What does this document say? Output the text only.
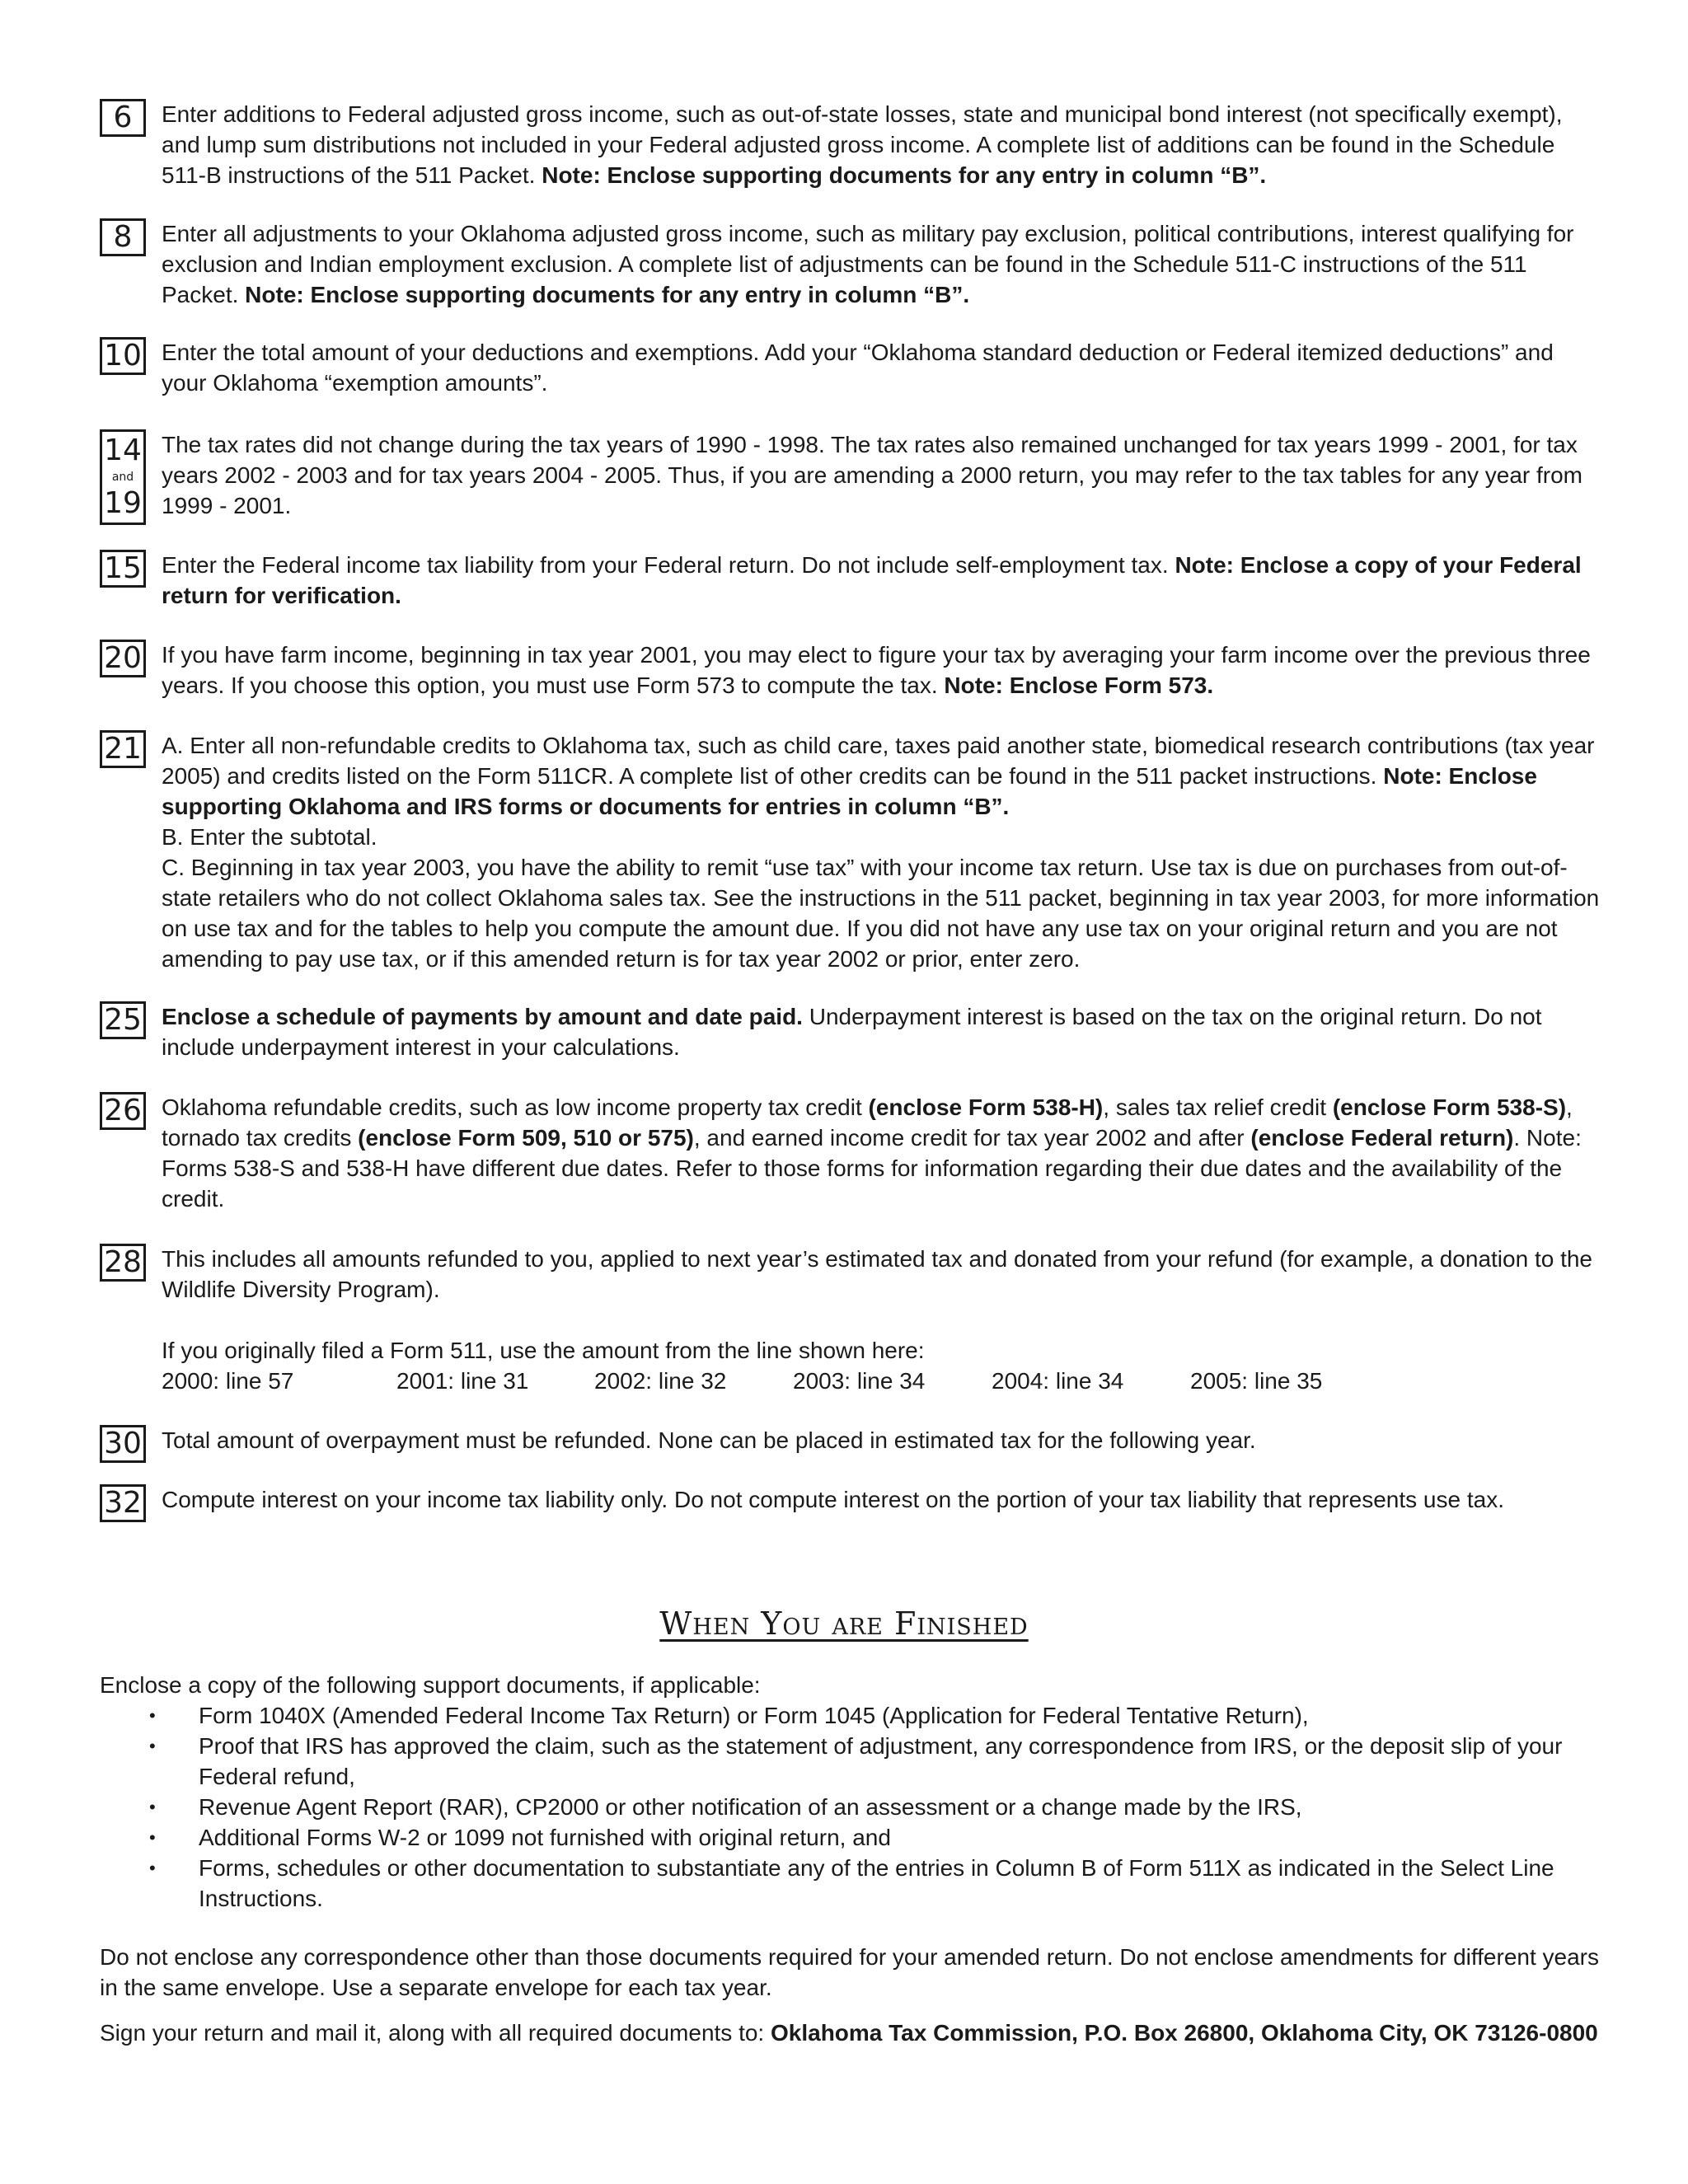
6 Enter additions to Federal adjusted gross income, such as out-of-state losses, state and municipal bond interest (not specifically exempt), and lump sum distributions not included in your Federal adjusted gross income. A complete list of additions can be found in the Schedule 511-B instructions of the 511 Packet. Note: Enclose supporting documents for any entry in column “B”.

8 Enter all adjustments to your Oklahoma adjusted gross income, such as military pay exclusion, political contributions, interest qualifying for exclusion and Indian employment exclusion. A complete list of adjustments can be found in the Schedule 511-C instructions of the 511 Packet. Note: Enclose supporting documents for any entry in column “B”.

10 Enter the total amount of your deductions and exemptions. Add your “Oklahoma standard deduction or Federal itemized deductions” and your Oklahoma “exemption amounts”.

14
and
19

The tax rates did not change during the tax years of 1990 - 1998. The tax rates also remained unchanged for tax years 1999 - 2001, for tax years 2002 - 2003 and for tax years 2004 - 2005. Thus, if you are amending a 2000 return, you may refer to the tax tables for any year from 1999 - 2001.

15 Enter the Federal income tax liability from your Federal return. Do not include self-employment tax. Note: Enclose a copy of your Federal return for verification.

20 If you have farm income, beginning in tax year 2001, you may elect to figure your tax by averaging your farm income over the previous three years. If you choose this option, you must use Form 573 to compute the tax. Note: Enclose Form 573.

21 A. Enter all non-refundable credits to Oklahoma tax, such as child care, taxes paid another state, biomedical research contributions (tax year 2005) and credits listed on the Form 511CR. A complete list of other credits can be found in the 511 packet instructions. Note: Enclose supporting Oklahoma and IRS forms or documents for entries in column “B”.

B. Enter the subtotal.

C. Beginning in tax year 2003, you have the ability to remit “use tax” with your income tax return. Use tax is due on purchases from out-of-state retailers who do not collect Oklahoma sales tax. See the instructions in the 511 packet, beginning in tax year 2003, for more information on use tax and for the tables to help you compute the amount due. If you did not have any use tax on your original return and you are not amending to pay use tax, or if this amended return is for tax year 2002 or prior, enter zero.

25 Enclose a schedule of payments by amount and date paid. Underpayment interest is based on the tax on the original return. Do not include underpayment interest in your calculations.

26 Oklahoma refundable credits, such as low income property tax credit (enclose Form 538-H), sales tax relief credit (enclose Form 538-S), tornado tax credits (enclose Form 509, 510 or 575), and earned income credit for tax year 2002 and after (enclose Federal return). Note: Forms 538-S and 538-H have different due dates. Refer to those forms for information regarding their due dates and the availability of the credit.

28 This includes all amounts refunded to you, applied to next year’s estimated tax and donated from your refund (for example, a donation to the Wildlife Diversity Program).

If you originally filed a Form 511, use the amount from the line shown here:

2000: line 57	2001: line 31	2002: line 32	2003: line 34	2004: line 34	2005: line 35
30 Total amount of overpayment must be refunded. None can be placed in estimated tax for the following year.

32 Compute interest on your income tax liability only. Do not compute interest on the portion of your tax liability that represents use tax.

When You are Finished

Enclose a copy of the following support documents, if applicable:

• Form 1040X (Amended Federal Income Tax Return) or Form 1045 (Application for Federal Tentative Return),
• Proof that IRS has approved the claim, such as the statement of adjustment, any correspondence from IRS, or the deposit slip of your Federal refund,
• Revenue Agent Report (RAR), CP2000 or other notification of an assessment or a change made by the IRS,
• Additional Forms W-2 or 1099 not furnished with original return, and
• Forms, schedules or other documentation to substantiate any of the entries in Column B of Form 511X as indicated in the Select Line Instructions.

Do not enclose any correspondence other than those documents required for your amended return. Do not enclose amendments for different years in the same envelope. Use a separate envelope for each tax year.

Sign your return and mail it, along with all required documents to: Oklahoma Tax Commission, P.O. Box 26800, Oklahoma City, OK 73126-0800
